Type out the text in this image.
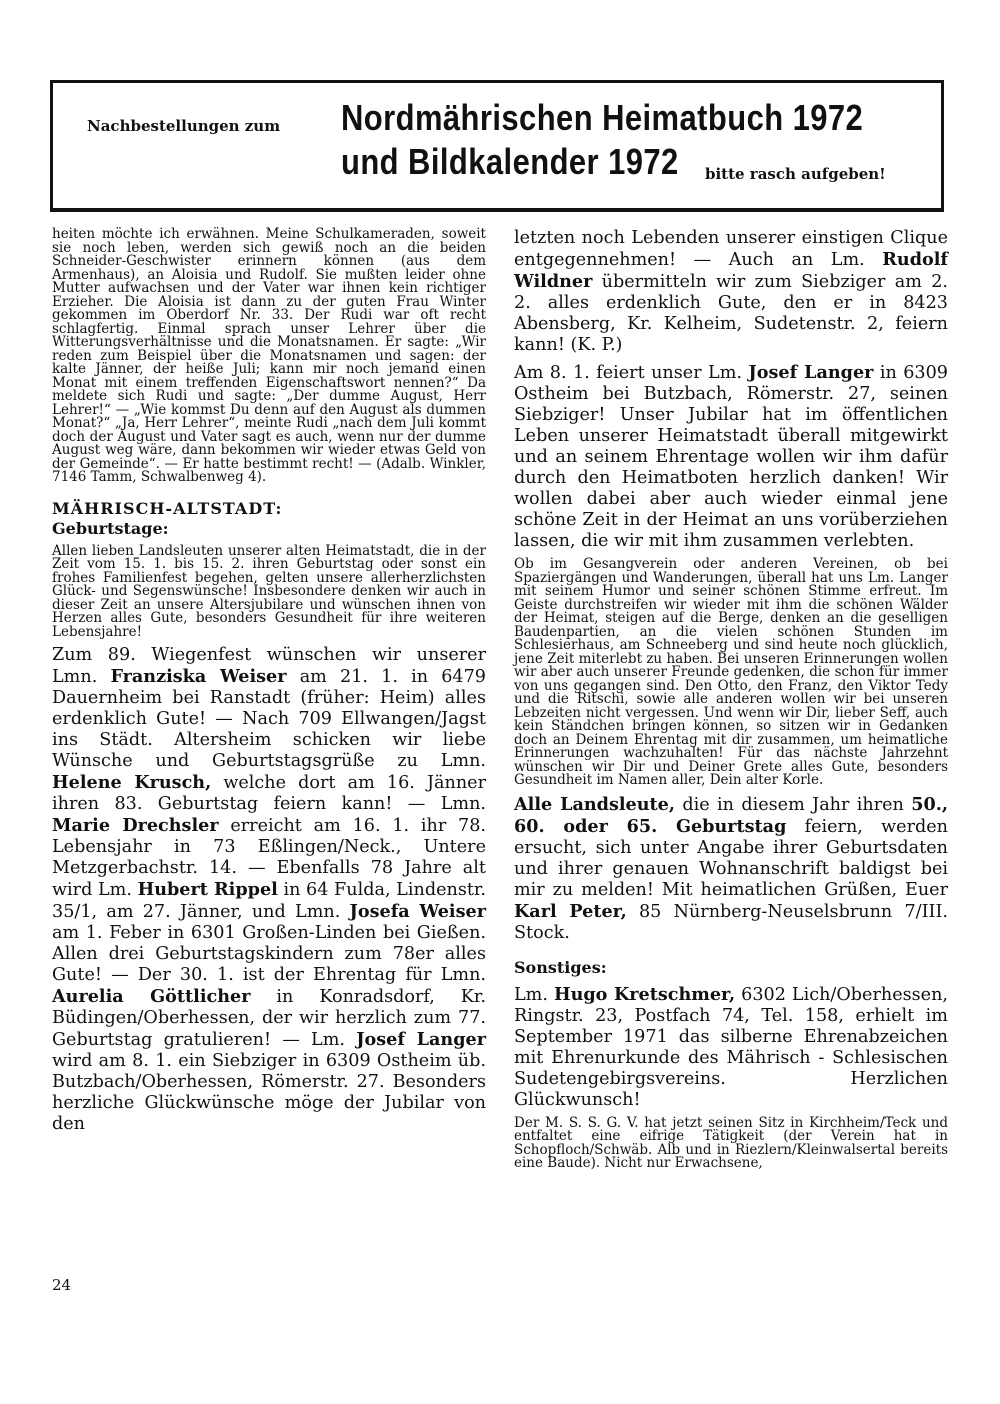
Nachbestellungen zum Nordmährischen Heimatbuch 1972
und Bildkalender 1972 bitte rasch aufgeben!

heiten möchte ich erwähnen. Meine Schulkameraden, soweit sie noch leben, werden sich gewiß noch an die beiden Schneider-Geschwister erinnern können (aus dem Armenhaus), an Aloisia und Rudolf. Sie mußten leider ohne Mutter aufwachsen und der Vater war ihnen kein richtiger Erzieher. Die Aloisia ist dann zu der guten Frau Winter gekommen im Oberdorf Nr. 33. Der Rudi war oft recht schlagfertig. Einmal sprach unser Lehrer über die Witterungsverhältnisse und die Monatsnamen. Er sagte: „Wir reden zum Beispiel über die Monatsnamen und sagen: der kalte Jänner, der heiße Juli; kann mir noch jemand einen Monat mit einem treffenden Eigenschaftswort nennen?“ Da meldete sich Rudi und sagte: „Der dumme August, Herr Lehrer!“ — „Wie kommst Du denn auf den August als dummen Monat?“ „Ja, Herr Lehrer“, meinte Rudi „nach dem Juli kommt doch der August und Vater sagt es auch, wenn nur der dumme August weg wäre, dann bekommen wir wieder etwas Geld von der Gemeinde“. — Er hatte bestimmt recht! — (Adalb. Winkler, 7146 Tamm, Schwalbenweg 4).

MÄHRISCH-ALTSTADT:
Geburtstage:

Allen lieben Landsleuten unserer alten Heimatstadt, die in der Zeit vom 15. 1. bis 15. 2. ihren Geburtstag oder sonst ein frohes Familienfest begehen, gelten unsere allerherzlichsten Glück- und Segenswünsche! Insbesondere denken wir auch in dieser Zeit an unsere Altersjubilare und wünschen ihnen von Herzen alles Gute, besonders Gesundheit für ihre weiteren Lebensjahre!

Zum 89. Wiegenfest wünschen wir unserer Lmn. Franziska Weiser am 21. 1. in 6479 Dauernheim bei Ranstadt (früher: Heim) alles erdenklich Gute! — Nach 709 Ellwangen/Jagst ins Städt. Altersheim schicken wir liebe Wünsche und Geburtstagsgrüße zu Lmn. Helene Krusch, welche dort am 16. Jänner ihren 83. Geburtstag feiern kann! — Lmn. Marie Drechsler erreicht am 16. 1. ihr 78. Lebensjahr in 73 Eßlingen/Neck., Untere Metzgerbachstr. 14. — Ebenfalls 78 Jahre alt wird Lm. Hubert Rippel in 64 Fulda, Lindenstr. 35/1, am 27. Jänner, und Lmn. Josefa Weiser am 1. Feber in 6301 Großen-Linden bei Gießen. Allen drei Geburtstagskindern zum 78er alles Gute! — Der 30. 1. ist der Ehrentag für Lmn. Aurelia Göttlicher in Konradsdorf, Kr. Büdingen/Oberhessen, der wir herzlich zum 77. Geburtstag gratulieren! — Lm. Josef Langer wird am 8. 1. ein Siebziger in 6309 Ostheim üb. Butzbach/Oberhessen, Römerstr. 27. Besonders herzliche Glückwünsche möge der Jubilar von den

letzten noch Lebenden unserer einstigen Clique entgegennehmen! — Auch an Lm. Rudolf Wildner übermitteln wir zum Siebziger am 2. 2. alles erdenklich Gute, den er in 8423 Abensberg, Kr. Kelheim, Sudetenstr. 2, feiern kann! (K. P.)

Am 8. 1. feiert unser Lm. Josef Langer in 6309 Ostheim bei Butzbach, Römerstr. 27, seinen Siebziger! Unser Jubilar hat im öffentlichen Leben unserer Heimatstadt überall mitgewirkt und an seinem Ehrentage wollen wir ihm dafür durch den Heimatboten herzlich danken! Wir wollen dabei aber auch wieder einmal jene schöne Zeit in der Heimat an uns vorüberziehen lassen, die wir mit ihm zusammen verlebten.

Ob im Gesangverein oder anderen Vereinen, ob bei Spaziergängen und Wanderungen, überall hat uns Lm. Langer mit seinem Humor und seiner schönen Stimme erfreut. Im Geiste durchstreifen wir wieder mit ihm die schönen Wälder der Heimat, steigen auf die Berge, denken an die geselligen Baudenpartien, an die vielen schönen Stunden im Schlesierhaus, am Schneeberg und sind heute noch glücklich, jene Zeit miterlebt zu haben. Bei unseren Erinnerungen wollen wir aber auch unserer Freunde gedenken, die schon für immer von uns gegangen sind. Den Otto, den Franz, den Viktor Tedy und die Ritschi, sowie alle anderen wollen wir bei unseren Lebzeiten nicht vergessen. Und wenn wir Dir, lieber Seff, auch kein Ständchen bringen können, so sitzen wir in Gedanken doch an Deinem Ehrentag mit dir zusammen, um heimatliche Erinnerungen wachzuhalten! Für das nächste Jahrzehnt wünschen wir Dir und Deiner Grete alles Gute, besonders Gesundheit im Namen aller, Dein alter Korle.

Alle Landsleute, die in diesem Jahr ihren 50., 60. oder 65. Geburtstag feiern, werden ersucht, sich unter Angabe ihrer Geburtsdaten und ihrer genauen Wohnanschrift baldigst bei mir zu melden! Mit heimatlichen Grüßen, Euer Karl Peter, 85 Nürnberg-Neuselsbrunn 7/III. Stock.

Sonstiges:

Lm. Hugo Kretschmer, 6302 Lich/Oberhessen, Ringstr. 23, Postfach 74, Tel. 158, erhielt im September 1971 das silberne Ehrenabzeichen mit Ehrenurkunde des Mährisch - Schlesischen Sudetengebirgsvereins. Herzlichen Glückwunsch!

Der M. S. S. G. V. hat jetzt seinen Sitz in Kirchheim/Teck und entfaltet eine eifrige Tätigkeit (der Verein hat in Schopfloch/Schwäb. Alb und in Riezlern/Kleinwalsertal bereits eine Baude). Nicht nur Erwachsene,

24
